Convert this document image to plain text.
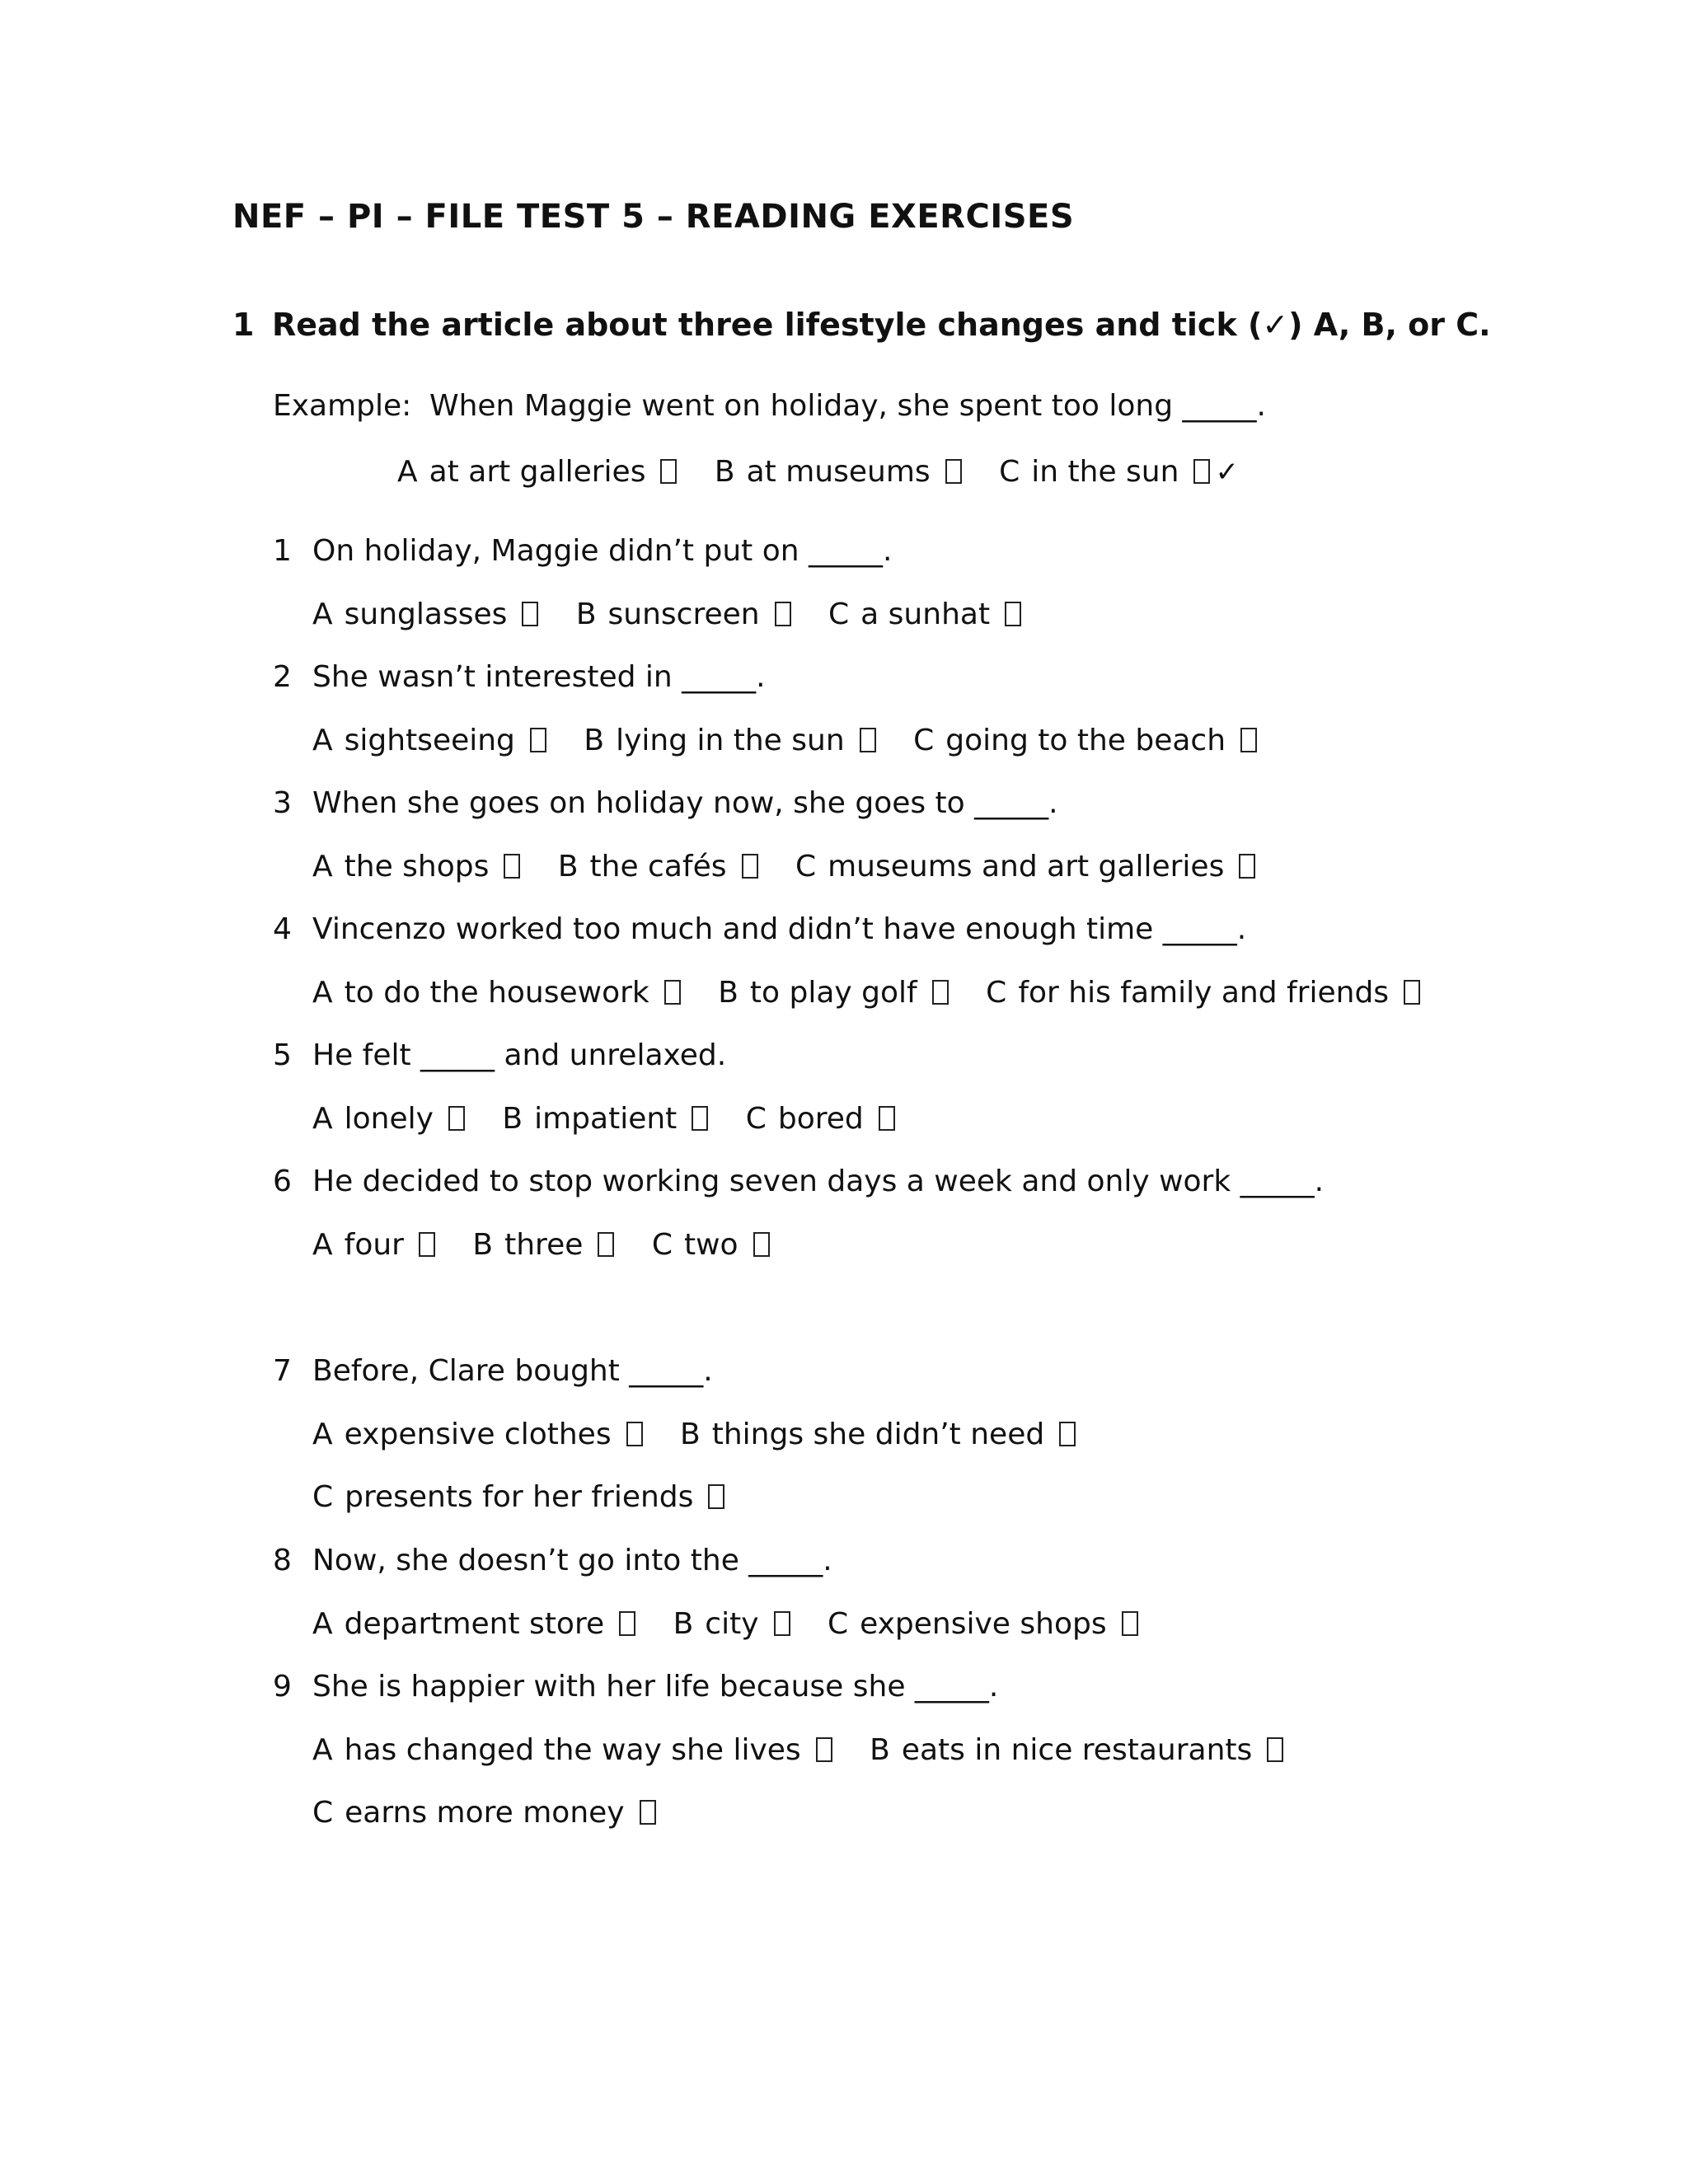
NEF – PI – FILE TEST 5 – READING EXERCISES
1 Read the article about three lifestyle changes and tick (✓) A, B, or C.
Example: When Maggie went on holiday, she spent too long _____.
A at art galleries B at museums C in the sun ✓
1 On holiday, Maggie didn’t put on _____.
A sunglasses B sunscreen C a sunhat
2 She wasn’t interested in _____.
A sightseeing B lying in the sun C going to the beach
3 When she goes on holiday now, she goes to _____.
A the shops B the cafés C museums and art galleries
4 Vincenzo worked too much and didn’t have enough time _____.
A to do the housework B to play golf C for his family and friends
5 He felt _____ and unrelaxed.
A lonely B impatient C bored
6 He decided to stop working seven days a week and only work _____.
A four B three C two
7 Before, Clare bought _____.
A expensive clothes B things she didn’t need
C presents for her friends
8 Now, she doesn’t go into the _____.
A department store B city C expensive shops
9 She is happier with her life because she _____.
A has changed the way she lives B eats in nice restaurants
C earns more money
